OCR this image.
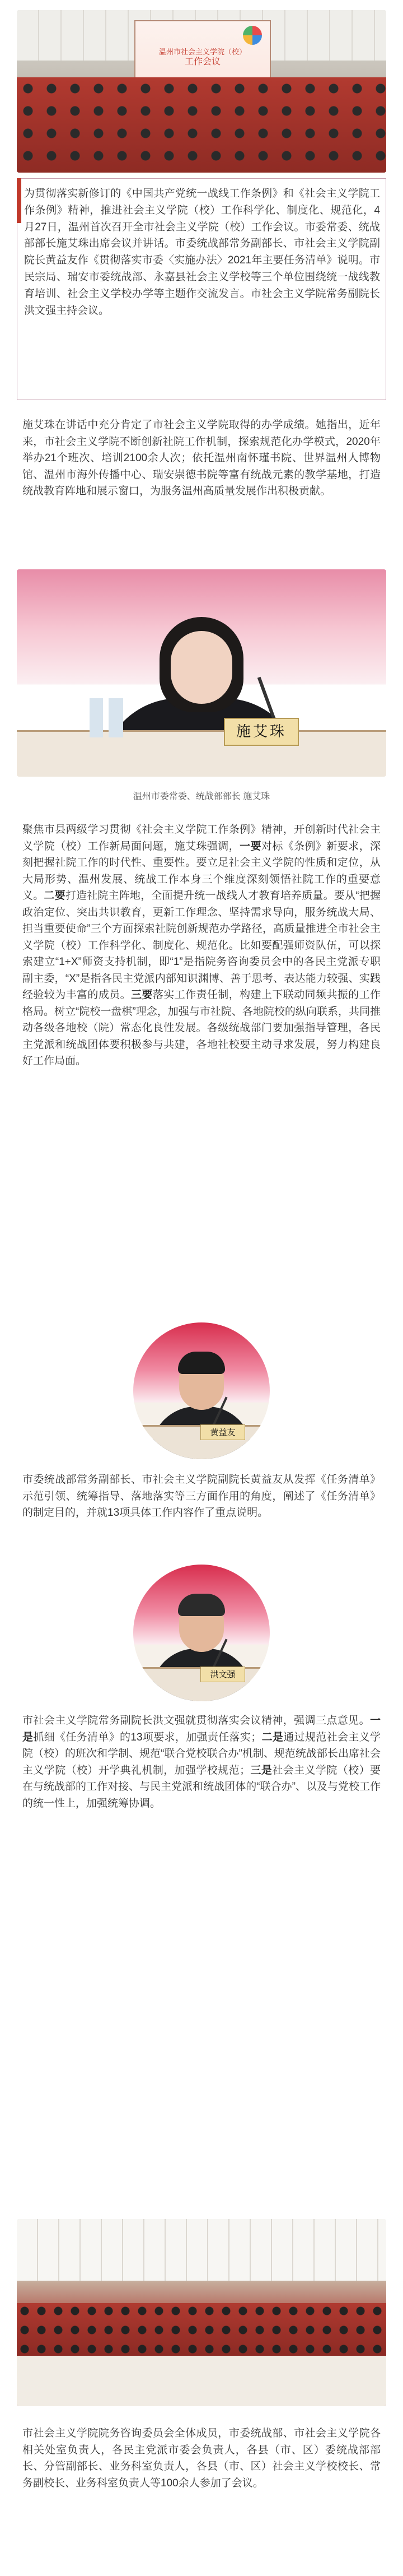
温州市社会主义学院（校）
工作会议

为贯彻落实新修订的《中国共产党统一战线工作条例》和《社会主义学院工作条例》精神，推进社会主义学院（校）工作科学化、制度化、规范化，4月27日，温州首次召开全市社会主义学院（校）工作会议。市委常委、统战部部长施艾珠出席会议并讲话。市委统战部常务副部长、市社会主义学院副院长黄益友作《贯彻落实市委〈实施办法〉2021年主要任务清单》说明。市民宗局、瑞安市委统战部、永嘉县社会主义学校等三个单位围绕统一战线教育培训、社会主义学校办学等主题作交流发言。市社会主义学院常务副院长洪文强主持会议。

施艾珠在讲话中充分肯定了市社会主义学院取得的办学成绩。她指出，近年来，市社会主义学院不断创新社院工作机制，探索规范化办学模式，2020年举办21个班次、培训2100余人次；依托温州南怀瑾书院、世界温州人博物馆、温州市海外传播中心、瑞安崇德书院等富有统战元素的教学基地，打造统战教育阵地和展示窗口，为服务温州高质量发展作出积极贡献。

施艾珠
温州市委常委、统战部部长 施艾珠

聚焦市县两级学习贯彻《社会主义学院工作条例》精神，开创新时代社会主义学院（校）工作新局面问题，施艾珠强调，一要对标《条例》新要求，深刻把握社院工作的时代性、重要性。要立足社会主义学院的性质和定位，从大局形势、温州发展、统战工作本身三个维度深刻领悟社院工作的重要意义。二要打造社院主阵地，全面提升统一战线人才教育培养质量。要从“把握政治定位、突出共识教育，更新工作理念、坚持需求导向，服务统战大局、担当重要使命”三个方面探索社院创新规范办学路径，高质量推进全市社会主义学院（校）工作科学化、制度化、规范化。比如要配强师资队伍，可以探索建立“1+X”师资支持机制，即“1”是指院务咨询委员会中的各民主党派专职副主委，“X”是指各民主党派内部知识渊博、善于思考、表达能力较强、实践经验较为丰富的成员。三要落实工作责任制，构建上下联动同频共振的工作格局。树立“院校一盘棋”理念，加强与市社院、各地院校的纵向联系，共同推动各级各地校（院）常态化良性发展。各级统战部门要加强指导管理，各民主党派和统战团体要积极参与共建，各地社校要主动寻求发展，努力构建良好工作局面。

黄益友

市委统战部常务副部长、市社会主义学院副院长黄益友从发挥《任务清单》示范引领、统筹指导、落地落实等三方面作用的角度，阐述了《任务清单》的制定目的，并就13项具体工作内容作了重点说明。

洪文强

市社会主义学院常务副院长洪文强就贯彻落实会议精神，强调三点意见。一是抓细《任务清单》的13项要求，加强责任落实；二是通过规范社会主义学院（校）的班次和学制、规范“联合党校联合办”机制、规范统战部长出席社会主义学院（校）开学典礼机制，加强学校规范；三是社会主义学院（校）要在与统战部的工作对接、与民主党派和统战团体的“联合办”、以及与党校工作的统一性上，加强统筹协调。

市社会主义学院院务咨询委员会全体成员，市委统战部、市社会主义学院各相关处室负责人，各民主党派市委会负责人，各县（市、区）委统战部部长、分管副部长、业务科室负责人，各县（市、区）社会主义学校校长、常务副校长、业务科室负责人等100余人参加了会议。
